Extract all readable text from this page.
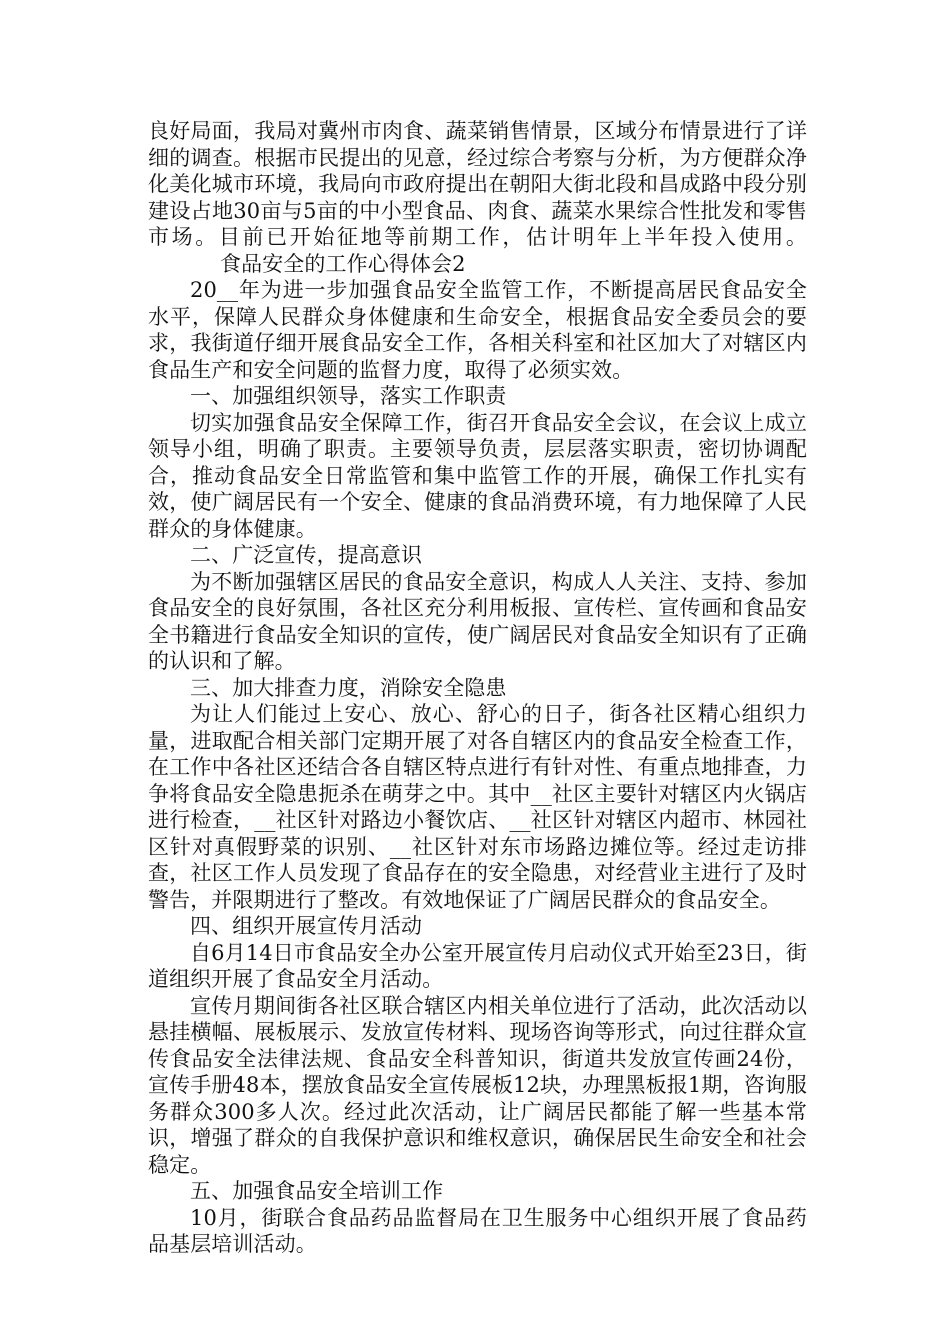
良好局面，我局对冀州市肉食、蔬菜销售情景，区域分布情景进行了详细的调查。根据市民提出的见意，经过综合考察与分析，为方便群众净化美化城市环境，我局向市政府提出在朝阳大街北段和昌成路中段分别建设占地30亩与5亩的中小型食品、肉食、蔬菜水果综合性批发和零售市场。目前已开始征地等前期工作，估计明年上半年投入使用。食品安全的工作心得体会2

20__年为进一步加强食品安全监管工作，不断提高居民食品安全水平，保障人民群众身体健康和生命安全，根据食品安全委员会的要求，我街道仔细开展食品安全工作，各相关科室和社区加大了对辖区内食品生产和安全问题的监督力度，取得了必须实效。

一、加强组织领导，落实工作职责

切实加强食品安全保障工作，街召开食品安全会议，在会议上成立领导小组，明确了职责。主要领导负责，层层落实职责，密切协调配合，推动食品安全日常监管和集中监管工作的开展，确保工作扎实有效，使广阔居民有一个安全、健康的食品消费环境，有力地保障了人民群众的身体健康。

二、广泛宣传，提高意识

为不断加强辖区居民的食品安全意识，构成人人关注、支持、参加食品安全的良好氛围，各社区充分利用板报、宣传栏、宣传画和食品安全书籍进行食品安全知识的宣传，使广阔居民对食品安全知识有了正确的认识和了解。

三、加大排查力度，消除安全隐患

为让人们能过上安心、放心、舒心的日子，街各社区精心组织力量，进取配合相关部门定期开展了对各自辖区内的食品安全检查工作，在工作中各社区还结合各自辖区特点进行有针对性、有重点地排查，力争将食品安全隐患扼杀在萌芽之中。其中__社区主要针对辖区内火锅店进行检查，__社区针对路边小餐饮店、__社区针对辖区内超市、林园社区针对真假野菜的识别、__社区针对东市场路边摊位等。经过走访排查，社区工作人员发现了食品存在的安全隐患，对经营业主进行了及时警告，并限期进行了整改。有效地保证了广阔居民群众的食品安全。

四、组织开展宣传月活动

自6月14日市食品安全办公室开展宣传月启动仪式开始至23日，街道组织开展了食品安全月活动。

宣传月期间街各社区联合辖区内相关单位进行了活动，此次活动以悬挂横幅、展板展示、发放宣传材料、现场咨询等形式，向过往群众宣传食品安全法律法规、食品安全科普知识，街道共发放宣传画24份，宣传手册48本，摆放食品安全宣传展板12块，办理黑板报1期，咨询服务群众300多人次。经过此次活动，让广阔居民都能了解一些基本常识，增强了群众的自我保护意识和维权意识，确保居民生命安全和社会稳定。

五、加强食品安全培训工作

10月，街联合食品药品监督局在卫生服务中心组织开展了食品药品基层培训活动。
